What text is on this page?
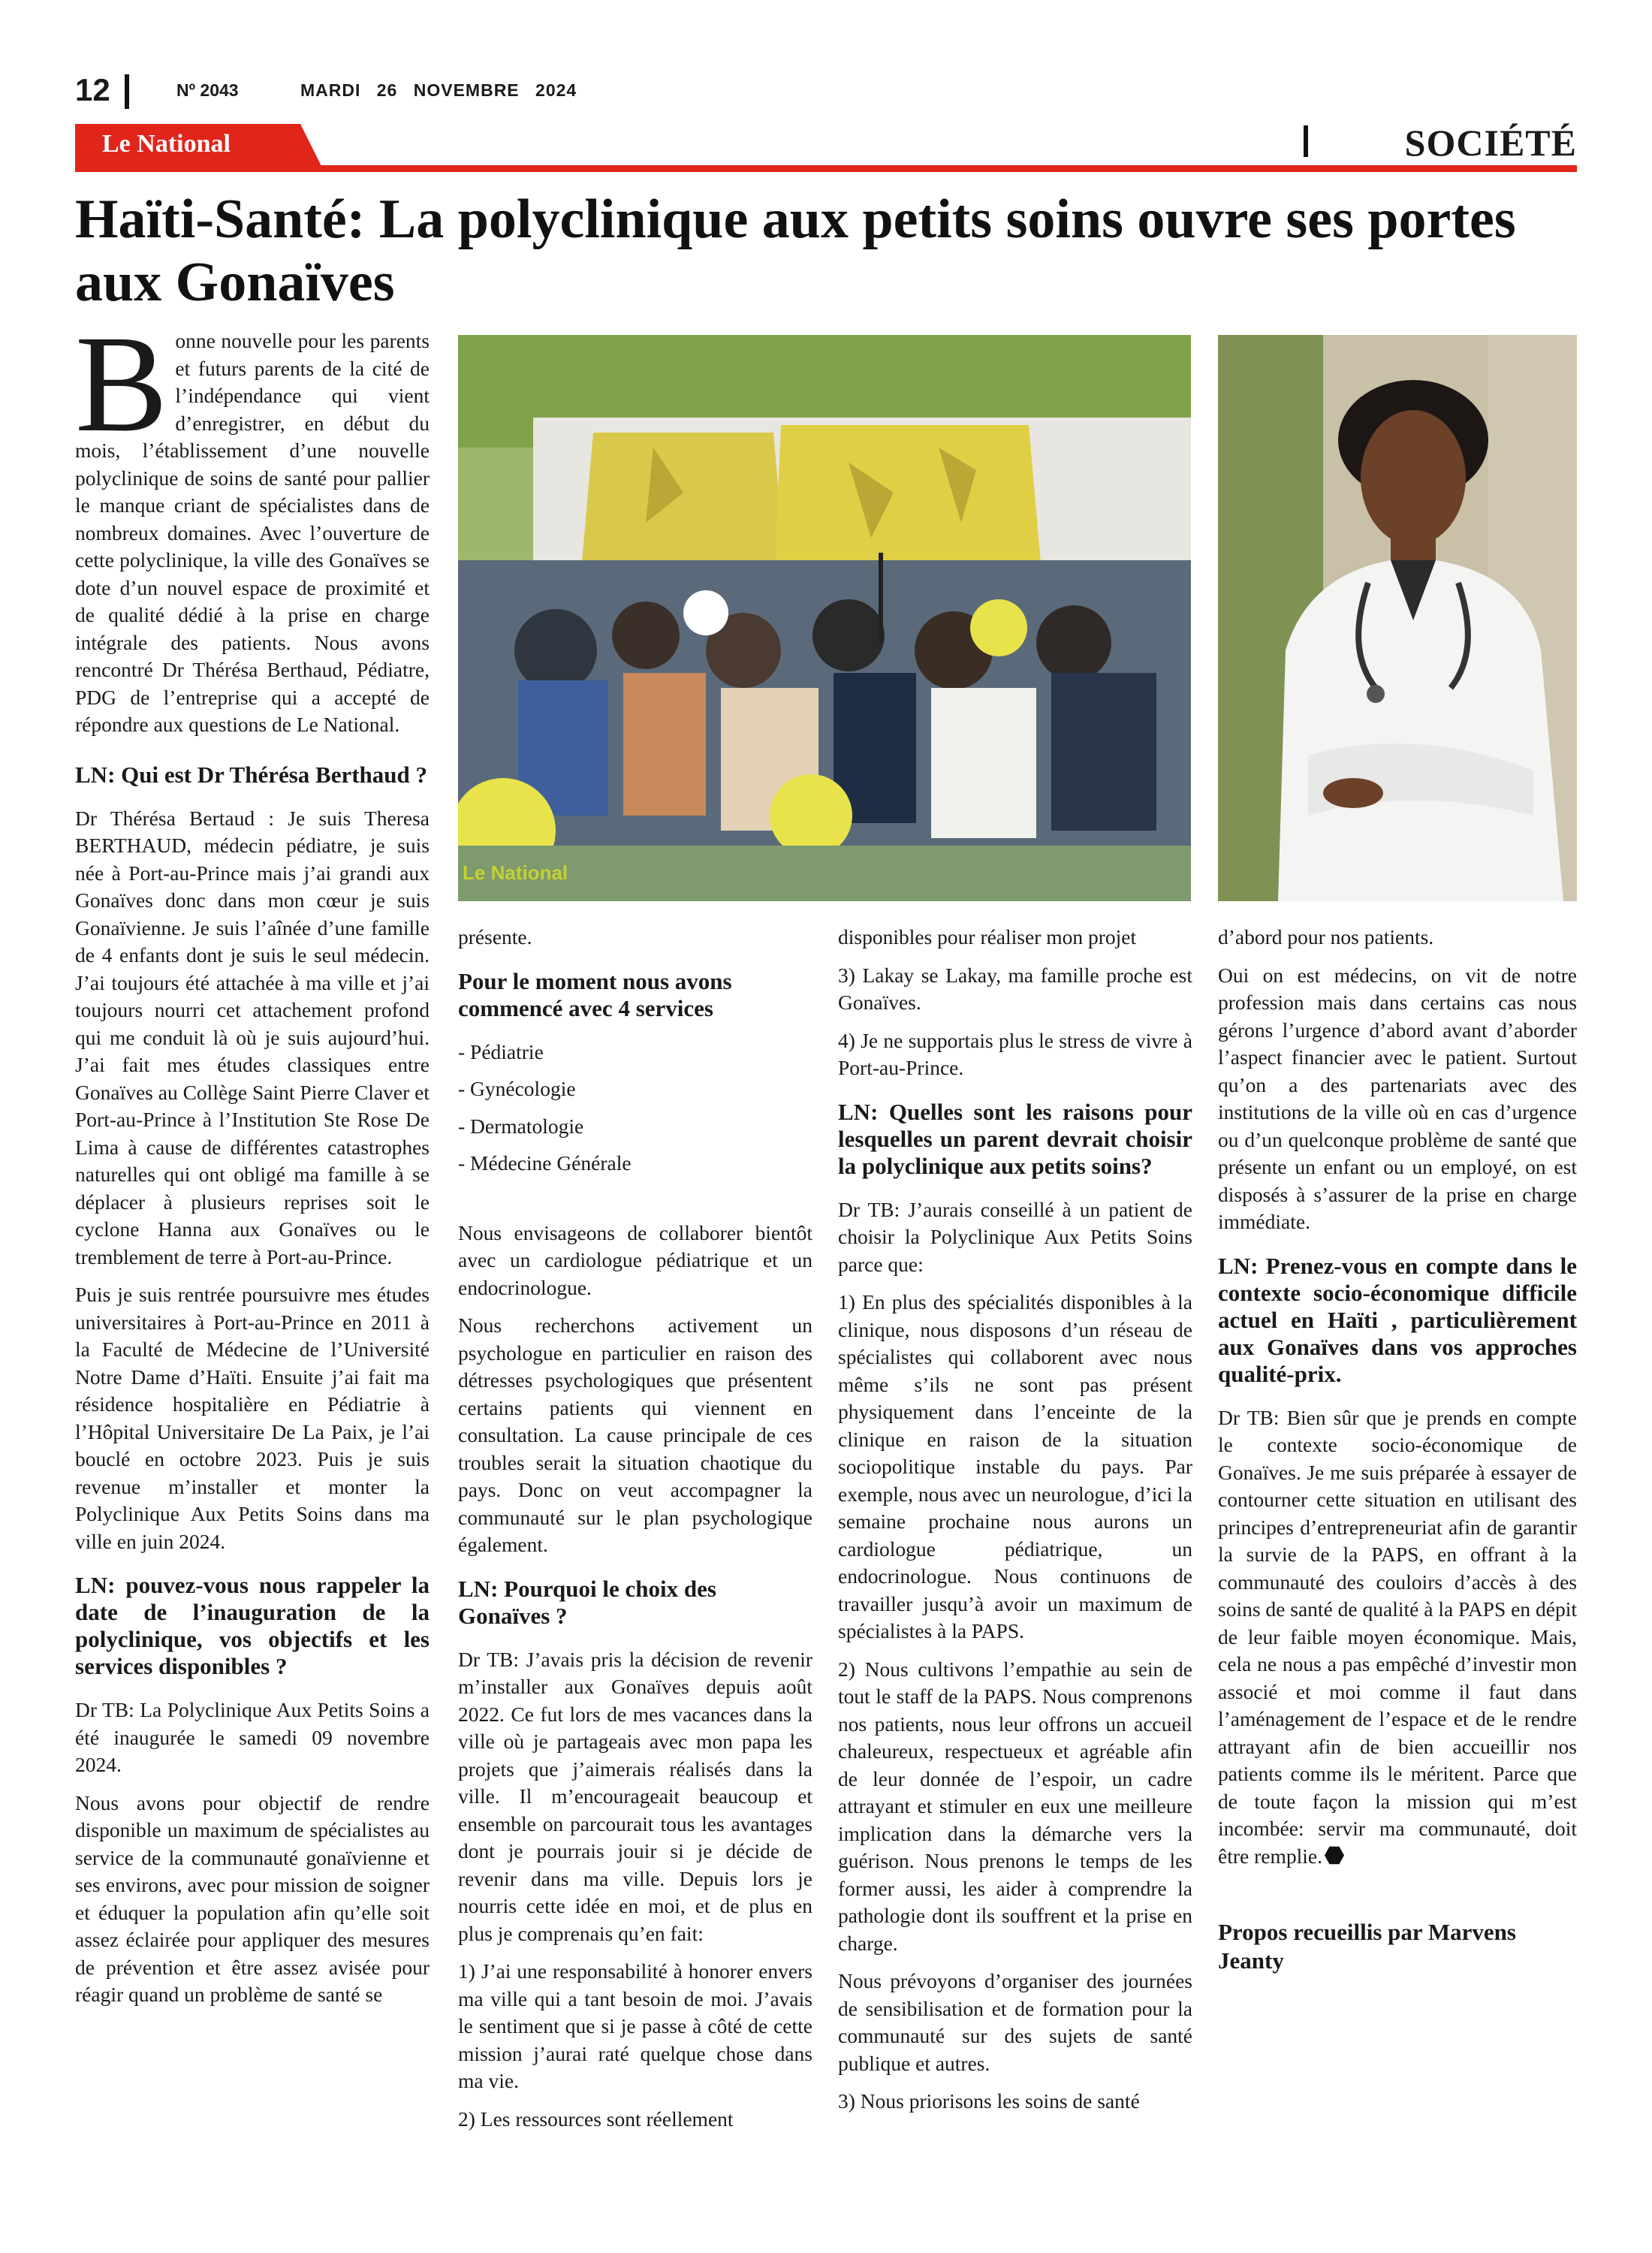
12	Nº 2043	MARDI 26 NOVEMBRE 2024
Le National	SOCIÉTÉ
Haïti-Santé: La polyclinique aux petits soins ouvre ses portes aux Gonaïves
Le National

Bonne nouvelle pour les parents et futurs parents de la cité de l’indépendance qui vient d’enregistrer, en début du mois, l’établissement d’une nouvelle polyclinique de soins de santé pour pallier le manque criant de spécialistes dans de nombreux domaines. Avec l’ouverture de cette polyclinique, la ville des Gonaïves se dote d’un nouvel espace de proximité et de qualité dédié à la prise en charge intégrale des patients. Nous avons rencontré Dr Thérésa Berthaud, Pédiatre, PDG de l’entreprise qui a accepté de répondre aux questions de Le National.

LN: Qui est Dr Thérésa Berthaud ?

Dr Thérésa Bertaud : Je suis Theresa BERTHAUD, médecin pédiatre, je suis née à Port-au-Prince mais j’ai grandi aux Gonaïves donc dans mon cœur je suis Gonaïvienne. Je suis l’aînée d’une famille de 4 enfants dont je suis le seul médecin. J’ai toujours été attachée à ma ville et j’ai toujours nourri cet attachement profond qui me conduit là où je suis aujourd’hui. J’ai fait mes études classiques entre Gonaïves au Collège Saint Pierre Claver et Port-au-Prince à l’Institution Ste Rose De Lima à cause de différentes catastrophes naturelles qui ont obligé ma famille à se déplacer à plusieurs reprises soit le cyclone Hanna aux Gonaïves ou le tremblement de terre à Port-au-Prince.

Puis je suis rentrée poursuivre mes études universitaires à Port-au-Prince en 2011 à la Faculté de Médecine de l’Université Notre Dame d’Haïti. Ensuite j’ai fait ma résidence hospitalière en Pédiatrie à l’Hôpital Universitaire De La Paix, je l’ai bouclé en octobre 2023. Puis je suis revenue m’installer et monter la Polyclinique Aux Petits Soins dans ma ville en juin 2024.

LN: pouvez-vous nous rappeler la date de l’inauguration de la polyclinique, vos objectifs et les services disponibles ?

Dr TB: La Polyclinique Aux Petits Soins a été inaugurée le samedi 09 novembre 2024.

Nous avons pour objectif de rendre disponible un maximum de spécialistes au service de la communauté gonaïvienne et ses environs, avec pour mission de soigner et éduquer la population afin qu’elle soit assez éclairée pour appliquer des mesures de prévention et être assez avisée pour réagir quand un problème de santé se

présente.

Pour le moment nous avons commencé avec 4 services
- Pédiatrie
- Gynécologie
- Dermatologie
- Médecine Générale

Nous envisageons de collaborer bientôt avec un cardiologue pédiatrique et un endocrinologue.

Nous recherchons activement un psychologue en particulier en raison des détresses psychologiques que présentent certains patients qui viennent en consultation. La cause principale de ces troubles serait la situation chaotique du pays. Donc on veut accompagner la communauté sur le plan psychologique également.

LN: Pourquoi le choix des Gonaïves ?

Dr TB: J’avais pris la décision de revenir m’installer aux Gonaïves depuis août 2022. Ce fut lors de mes vacances dans la ville où je partageais avec mon papa les projets que j’aimerais réalisés dans la ville. Il m’encourageait beaucoup et ensemble on parcourait tous les avantages dont je pourrais jouir si je décide de revenir dans ma ville. Depuis lors je nourris cette idée en moi, et de plus en plus je comprenais qu’en fait:

1) J’ai une responsabilité à honorer envers ma ville qui a tant besoin de moi. J’avais le sentiment que si je passe à côté de cette mission j’aurai raté quelque chose dans ma vie.

2) Les ressources sont réellement

disponibles pour réaliser mon projet

3) Lakay se Lakay, ma famille proche est Gonaïves.

4) Je ne supportais plus le stress de vivre à Port-au-Prince.

LN: Quelles sont les raisons pour lesquelles un parent devrait choisir la polyclinique aux petits soins?

Dr TB: J’aurais conseillé à un patient de choisir la Polyclinique Aux Petits Soins parce que:

1) En plus des spécialités disponibles à la clinique, nous disposons d’un réseau de spécialistes qui collaborent avec nous même s’ils ne sont pas présent physiquement dans l’enceinte de la clinique en raison de la situation sociopolitique instable du pays. Par exemple, nous avec un neurologue, d’ici la semaine prochaine nous aurons un cardiologue pédiatrique, un endocrinologue. Nous continuons de travailler jusqu’à avoir un maximum de spécialistes à la PAPS.

2) Nous cultivons l’empathie au sein de tout le staff de la PAPS. Nous comprenons nos patients, nous leur offrons un accueil chaleureux, respectueux et agréable afin de leur donnée de l’espoir, un cadre attrayant et stimuler en eux une meilleure implication dans la démarche vers la guérison. Nous prenons le temps de les former aussi, les aider à comprendre la pathologie dont ils souffrent et la prise en charge.

Nous prévoyons d’organiser des journées de sensibilisation et de formation pour la communauté sur des sujets de santé publique et autres.

3) Nous priorisons les soins de santé

d’abord pour nos patients.

Oui on est médecins, on vit de notre profession mais dans certains cas nous gérons l’urgence d’abord avant d’aborder l’aspect financier avec le patient. Surtout qu’on a des partenariats avec des institutions de la ville où en cas d’urgence ou d’un quelconque problème de santé que présente un enfant ou un employé, on est disposés à s’assurer de la prise en charge immédiate.

LN: Prenez-vous en compte dans le contexte socio-économique difficile actuel en Haïti , particulièrement aux Gonaïves dans vos approches qualité-prix.

Dr TB: Bien sûr que je prends en compte le contexte socio-économique de Gonaïves. Je me suis préparée à essayer de contourner cette situation en utilisant des principes d’entrepreneuriat afin de garantir la survie de la PAPS, en offrant à la communauté des couloirs d’accès à des soins de santé de qualité à la PAPS en dépit de leur faible moyen économique. Mais, cela ne nous a pas empêché d’investir mon associé et moi comme il faut dans l’aménagement de l’espace et de le rendre attrayant afin de bien accueillir nos patients comme ils le méritent. Parce que de toute façon la mission qui m’est incombée: servir ma communauté, doit être remplie.

Propos recueillis par Marvens Jeanty
